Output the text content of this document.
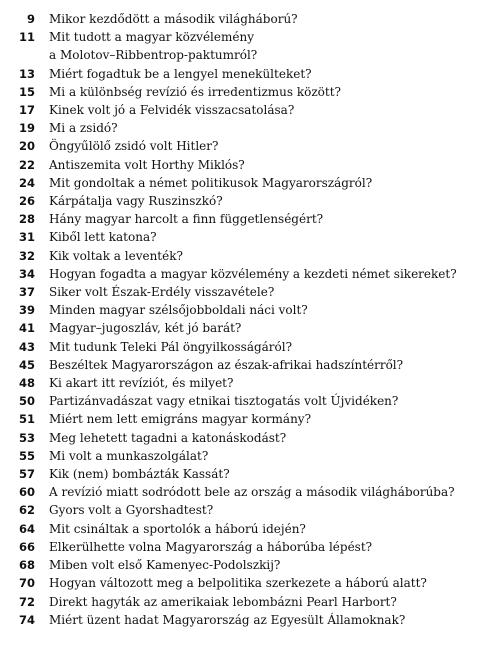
9	Mikor kezdődött a második világháború?
11	Mit tudott a magyar közvélemény
a Molotov–Ribbentrop-paktumról?
13	Miért fogadtuk be a lengyel menekülteket?
15	Mi a különbség revízió és irredentizmus között?
17	Kinek volt jó a Felvidék visszacsatolása?
19	Mi a zsidó?
20	Öngyűlölő zsidó volt Hitler?
22	Antiszemita volt Horthy Miklós?
24	Mit gondoltak a német politikusok Magyarországról?
26	Kárpátalja vagy Ruszinszkó?
28	Hány magyar harcolt a finn függetlenségért?
31	Kiből lett katona?
32	Kik voltak a leventék?
34	Hogyan fogadta a magyar közvélemény a kezdeti német sikereket?
37	Siker volt Észak-Erdély visszavétele?
39	Minden magyar szélsőjobboldali náci volt?
41	Magyar–jugoszláv, két jó barát?
43	Mit tudunk Teleki Pál öngyilkosságáról?
45	Beszéltek Magyarországon az észak-afrikai hadszíntérről?
48	Ki akart itt revíziót, és milyet?
50	Partizánvadászat vagy etnikai tisztogatás volt Újvidéken?
51	Miért nem lett emigráns magyar kormány?
53	Meg lehetett tagadni a katonáskodást?
55	Mi volt a munkaszolgálat?
57	Kik (nem) bombázták Kassát?
60	A revízió miatt sodródott bele az ország a második világháborúba?
62	Gyors volt a Gyorshadtest?
64	Mit csináltak a sportolók a háború idején?
66	Elkerülhette volna Magyarország a háborúba lépést?
68	Miben volt első Kamenyec-Podolszkij?
70	Hogyan változott meg a belpolitika szerkezete a háború alatt?
72	Direkt hagyták az amerikaiak lebombázni Pearl Harbort?
74	Miért üzent hadat Magyarország az Egyesült Államoknak?
